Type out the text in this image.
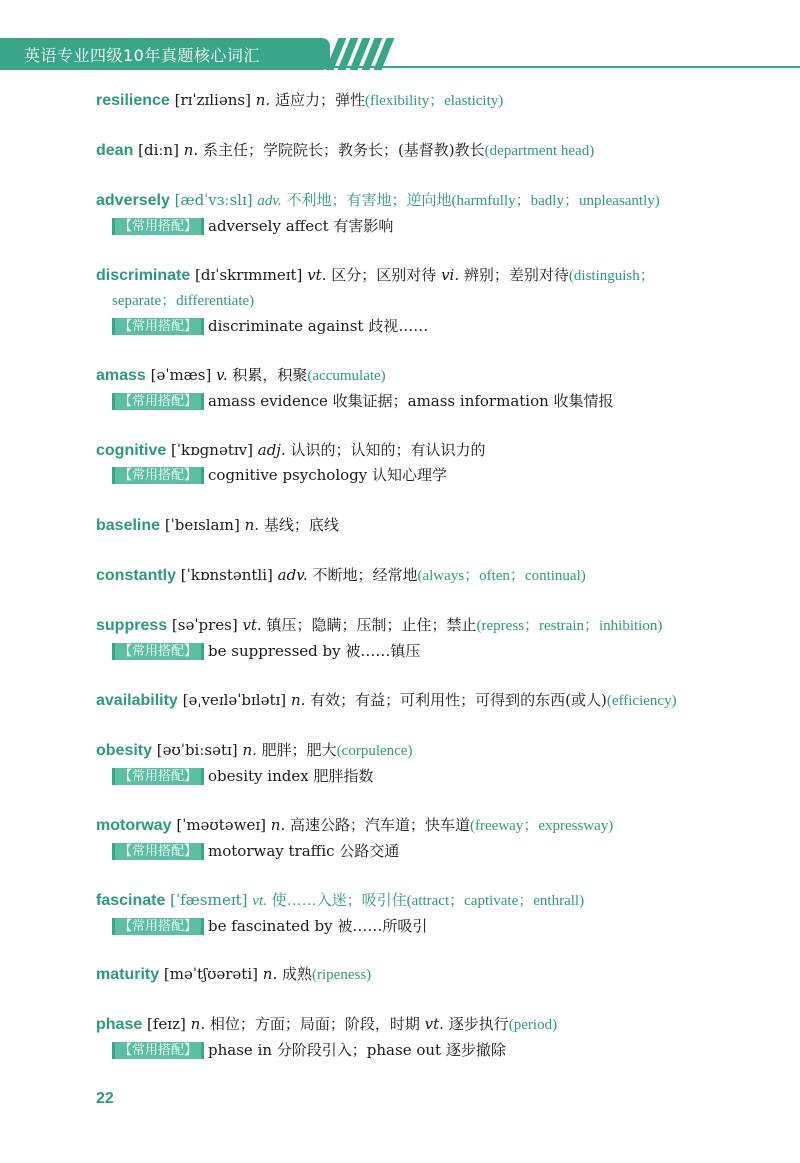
英语专业四级10年真题核心词汇
resilience [rɪˈzɪliəns] n. 适应力；弹性(flexibility；elasticity)
dean [diːn] n. 系主任；学院院长；教务长；(基督教)教长(department head)
adversely [ædˈvɜːslɪ] adv. 不利地；有害地；逆向地(harmfully；badly；unpleasantly)
【常用搭配】 adversely affect 有害影响
discriminate [dɪˈskrɪmɪneɪt] vt. 区分；区别对待 vi. 辨别；差别对待(distinguish；
separate；differentiate)
【常用搭配】 discriminate against 歧视……
amass [əˈmæs] v. 积累，积聚(accumulate)
【常用搭配】 amass evidence 收集证据；amass information 收集情报
cognitive [ˈkɒgnətɪv] adj. 认识的；认知的；有认识力的
【常用搭配】 cognitive psychology 认知心理学
baseline [ˈbeɪslaɪn] n. 基线；底线
constantly [ˈkɒnstəntli] adv. 不断地；经常地(always；often；continual)
suppress [səˈpres] vt. 镇压；隐瞒；压制；止住；禁止(repress；restrain；inhibition)
【常用搭配】 be suppressed by 被……镇压
availability [əˌveɪləˈbɪlətɪ] n. 有效；有益；可利用性；可得到的东西(或人)(efficiency)
obesity [əʊˈbiːsətɪ] n. 肥胖；肥大(corpulence)
【常用搭配】 obesity index 肥胖指数
motorway [ˈməʊtəweɪ] n. 高速公路；汽车道；快车道(freeway；expressway)
【常用搭配】 motorway traffic 公路交通
fascinate [ˈfæsɪneɪt] vt. 使……入迷；吸引住(attract；captivate；enthrall)
【常用搭配】 be fascinated by 被……所吸引
maturity [məˈtʃʊərəti] n. 成熟(ripeness)
phase [feɪz] n. 相位；方面；局面；阶段，时期 vt. 逐步执行(period)
【常用搭配】 phase in 分阶段引入；phase out 逐步撤除
22
